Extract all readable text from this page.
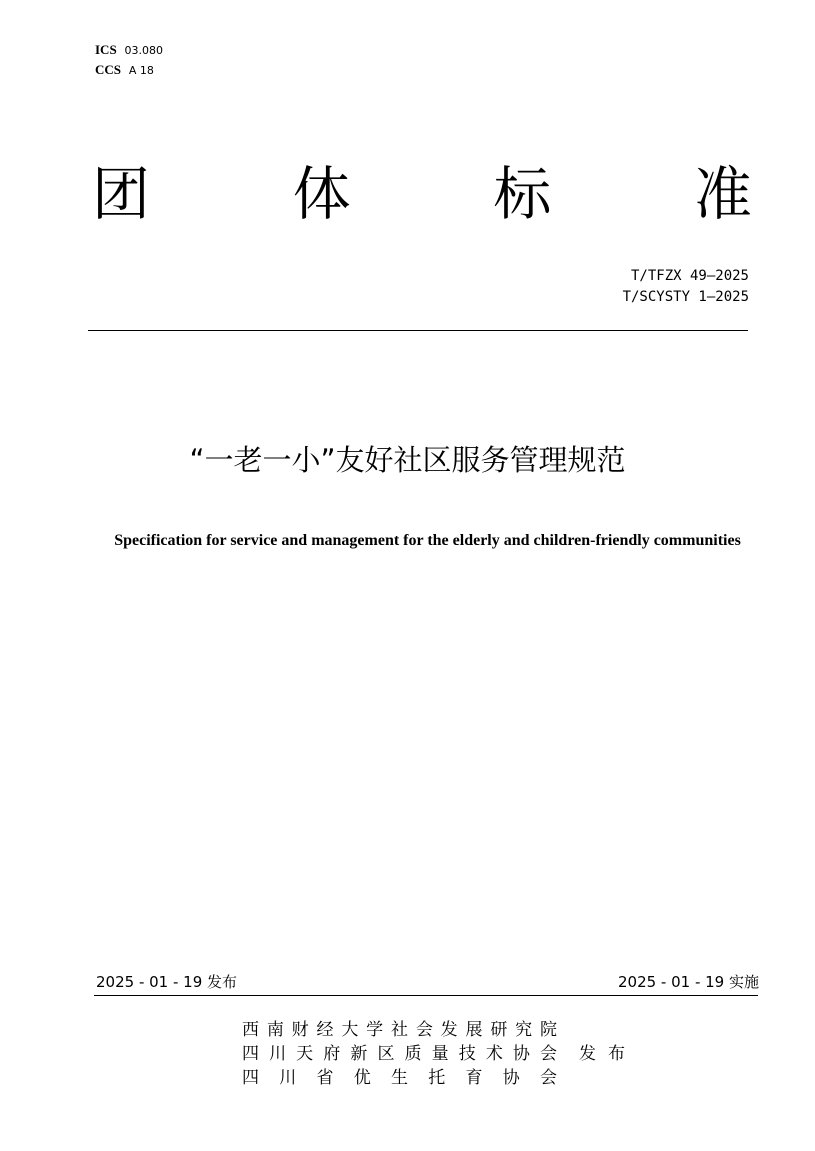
ICS 03.080
CCS A 18
团 体 标 准
T/TFZX 49—2025
T/SCYSTY 1—2025
“一老一小”友好社区服务管理规范
Specification for service and management for the elderly and children-friendly communities
2025 - 01 - 19 发布	2025 - 01 - 19 实施
西南财经大学社会发展研究院
四川天府新区质量技术协会 发布
四川省优生托育协会
